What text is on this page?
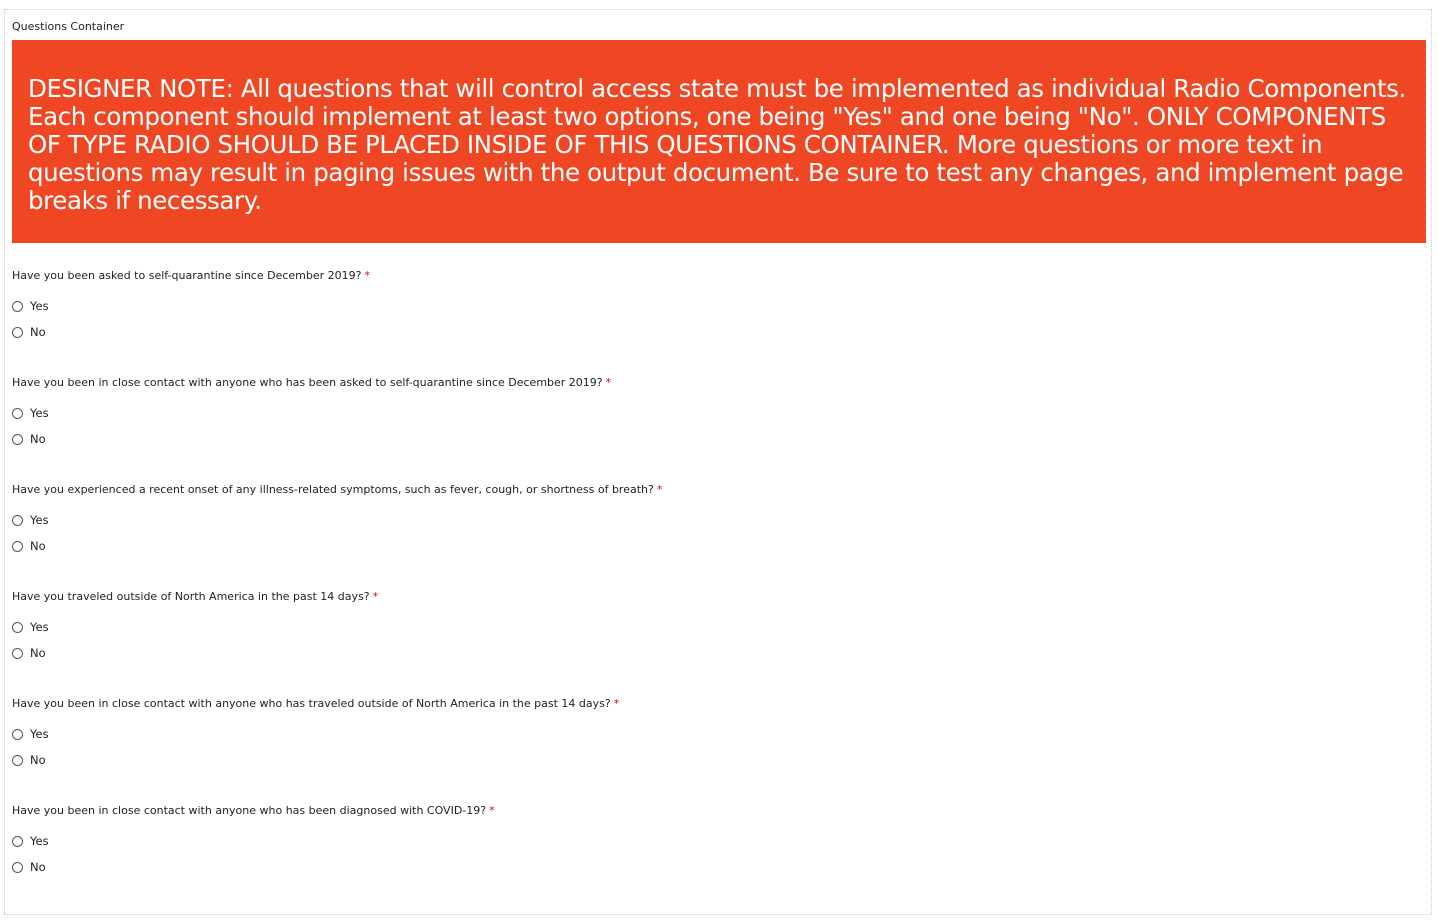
Questions Container
DESIGNER NOTE: All questions that will control access state must be implemented as individual Radio Components. Each component should implement at least two options, one being "Yes" and one being "No". ONLY COMPONENTS OF TYPE RADIO SHOULD BE PLACED INSIDE OF THIS QUESTIONS CONTAINER. More questions or more text in questions may result in paging issues with the output document. Be sure to test any changes, and implement page breaks if necessary.
Have you been asked to self-quarantine since December 2019? *
Yes
No
Have you been in close contact with anyone who has been asked to self-quarantine since December 2019? *
Yes
No
Have you experienced a recent onset of any illness-related symptoms, such as fever, cough, or shortness of breath? *
Yes
No
Have you traveled outside of North America in the past 14 days? *
Yes
No
Have you been in close contact with anyone who has traveled outside of North America in the past 14 days? *
Yes
No
Have you been in close contact with anyone who has been diagnosed with COVID-19? *
Yes
No
